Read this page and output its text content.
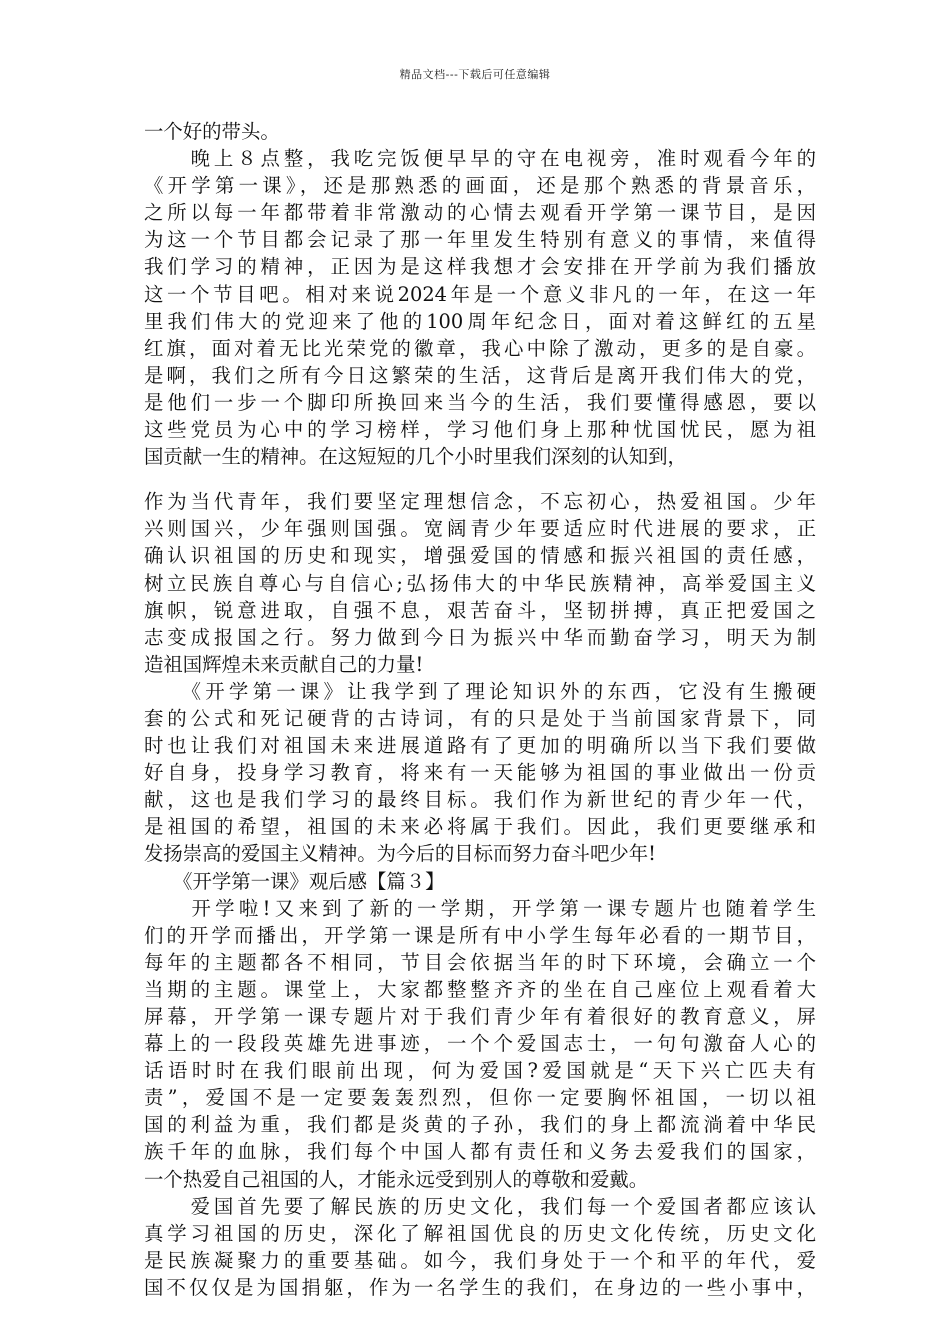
精品文档---下载后可任意编辑
一个好的带头。
　　晚上８点整，我吃完饭便早早的守在电视旁，准时观看今年的
《开学第一课》，还是那熟悉的画面，还是那个熟悉的背景音乐，
之所以每一年都带着非常激动的心情去观看开学第一课节目，是因
为这一个节目都会记录了那一年里发生特别有意义的事情，来值得
我们学习的精神，正因为是这样我想才会安排在开学前为我们播放
这一个节目吧。相对来说2024年是一个意义非凡的一年，在这一年
里我们伟大的党迎来了他的100周年纪念日，面对着这鲜红的五星
红旗，面对着无比光荣党的徽章，我心中除了激动，更多的是自豪。
是啊，我们之所有今日这繁荣的生活，这背后是离开我们伟大的党，
是他们一步一个脚印所换回来当今的生活，我们要懂得感恩，要以
这些党员为心中的学习榜样，学习他们身上那种忧国忧民，愿为祖
国贡献一生的精神。在这短短的几个小时里我们深刻的认知到，
作为当代青年，我们要坚定理想信念，不忘初心，热爱祖国。少年
兴则国兴，少年强则国强。宽阔青少年要适应时代进展的要求，正
确认识祖国的历史和现实，增强爱国的情感和振兴祖国的责任感，
树立民族自尊心与自信心;弘扬伟大的中华民族精神，高举爱国主义
旗帜，锐意进取，自强不息，艰苦奋斗，坚韧拼搏，真正把爱国之
志变成报国之行。努力做到今日为振兴中华而勤奋学习，明天为制
造祖国辉煌未来贡献自己的力量!
　　《开学第一课》让我学到了理论知识外的东西，它没有生搬硬
套的公式和死记硬背的古诗词，有的只是处于当前国家背景下，同
时也让我们对祖国未来进展道路有了更加的明确所以当下我们要做
好自身，投身学习教育，将来有一天能够为祖国的事业做出一份贡
献，这也是我们学习的最终目标。我们作为新世纪的青少年一代，
是祖国的希望，祖国的未来必将属于我们。因此，我们更要继承和
发扬崇高的爱国主义精神。为今后的目标而努力奋斗吧少年!
　　《开学第一课》观后感【篇３】
　　开学啦!又来到了新的一学期，开学第一课专题片也随着学生
们的开学而播出，开学第一课是所有中小学生每年必看的一期节目，
每年的主题都各不相同，节目会依据当年的时下环境，会确立一个
当期的主题。课堂上，大家都整整齐齐的坐在自己座位上观看着大
屏幕，开学第一课专题片对于我们青少年有着很好的教育意义，屏
幕上的一段段英雄先进事迹，一个个爱国志士，一句句激奋人心的
话语时时在我们眼前出现，何为爱国?爱国就是“天下兴亡匹夫有
责”，爱国不是一定要轰轰烈烈，但你一定要胸怀祖国，一切以祖
国的利益为重，我们都是炎黄的子孙，我们的身上都流淌着中华民
族千年的血脉，我们每个中国人都有责任和义务去爱我们的国家，
一个热爱自己祖国的人，才能永远受到别人的尊敬和爱戴。
　　爱国首先要了解民族的历史文化，我们每一个爱国者都应该认
真学习祖国的历史，深化了解祖国优良的历史文化传统，历史文化
是民族凝聚力的重要基础。如今，我们身处于一个和平的年代，爱
国不仅仅是为国捐躯，作为一名学生的我们，在身边的一些小事中，
